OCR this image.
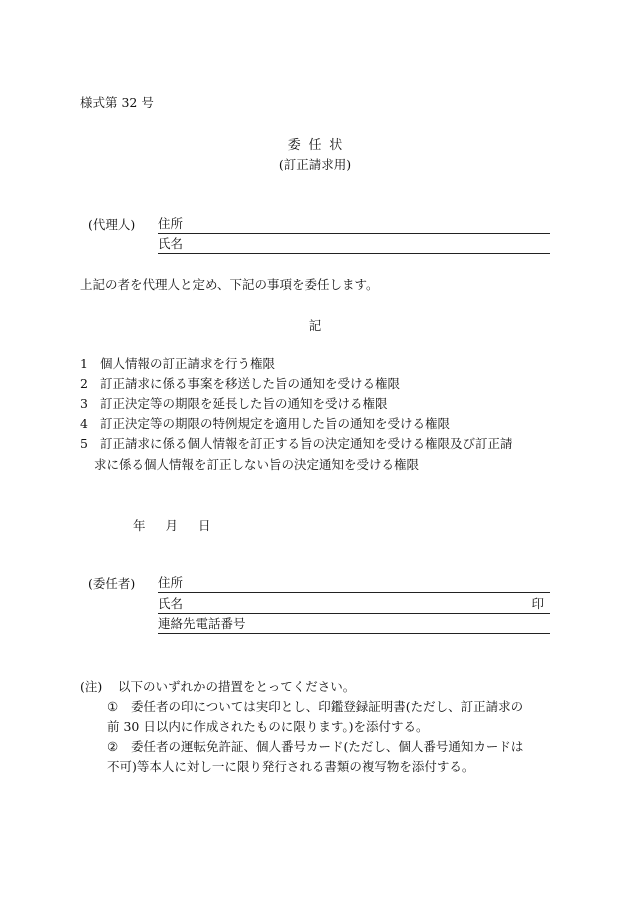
様式第 32 号
委任状
(訂正請求用)
(代理人) 住所
氏名
上記の者を代理人と定め、下記の事項を委任します。
記
1 個人情報の訂正請求を行う権限
2 訂正請求に係る事案を移送した旨の通知を受ける権限
3 訂正決定等の期限を延長した旨の通知を受ける権限
4 訂正決定等の期限の特例規定を適用した旨の通知を受ける権限
5 訂正請求に係る個人情報を訂正する旨の決定通知を受ける権限及び訂正請
求に係る個人情報を訂正しない旨の決定通知を受ける権限
年 月 日
(委任者) 住所
氏名	印
連絡先電話番号
(注) 以下のいずれかの措置をとってください。
① 委任者の印については実印とし、印鑑登録証明書(ただし、訂正請求の
前 30 日以内に作成されたものに限ります。)を添付する。
② 委任者の運転免許証、個人番号カード(ただし、個人番号通知カードは
不可)等本人に対し一に限り発行される書類の複写物を添付する。
